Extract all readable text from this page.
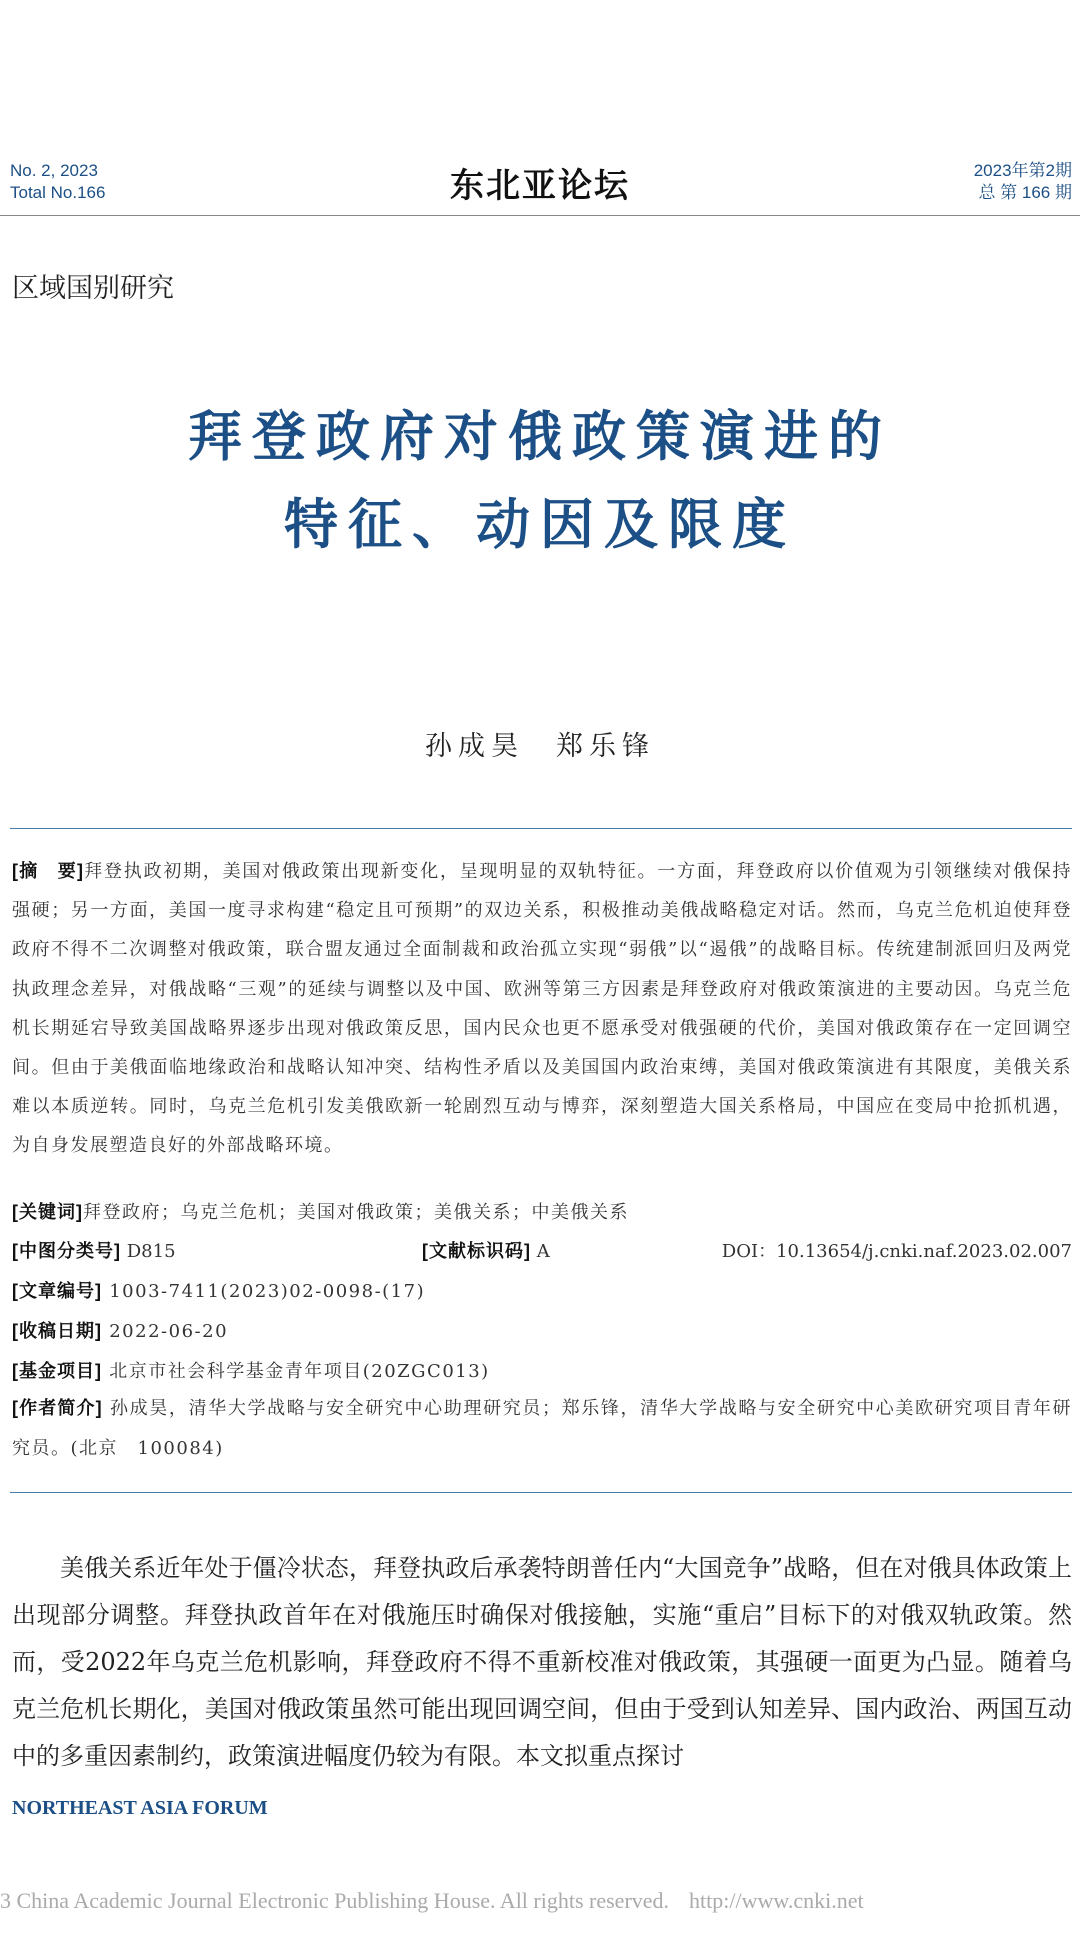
No. 2, 2023
Total No.166	东北亚论坛	2023年第2期
总 第 166 期
区域国别研究
拜登政府对俄政策演进的
特征、动因及限度
孙成昊 郑乐锋
[摘　要]拜登执政初期，美国对俄政策出现新变化，呈现明显的双轨特征。一方面，拜登政府以价值观为引领继续对俄保持强硬；另一方面，美国一度寻求构建“稳定且可预期”的双边关系，积极推动美俄战略稳定对话。然而，乌克兰危机迫使拜登政府不得不二次调整对俄政策，联合盟友通过全面制裁和政治孤立实现“弱俄”以“遏俄”的战略目标。传统建制派回归及两党执政理念差异，对俄战略“三观”的延续与调整以及中国、欧洲等第三方因素是拜登政府对俄政策演进的主要动因。乌克兰危机长期延宕导致美国战略界逐步出现对俄政策反思，国内民众也更不愿承受对俄强硬的代价，美国对俄政策存在一定回调空间。但由于美俄面临地缘政治和战略认知冲突、结构性矛盾以及美国国内政治束缚，美国对俄政策演进有其限度，美俄关系难以本质逆转。同时，乌克兰危机引发美俄欧新一轮剧烈互动与博弈，深刻塑造大国关系格局，中国应在变局中抢抓机遇，为自身发展塑造良好的外部战略环境。
[关键词]拜登政府；乌克兰危机；美国对俄政策；美俄关系；中美俄关系
[中图分类号] D815	[文献标识码] A	DOI：10.13654/j.cnki.naf.2023.02.007
[文章编号] 1003-7411(2023)02-0098-(17)
[收稿日期] 2022-06-20
[基金项目] 北京市社会科学基金青年项目(20ZGC013)
[作者简介] 孙成昊，清华大学战略与安全研究中心助理研究员；郑乐锋，清华大学战略与安全研究中心美欧研究项目青年研究员。(北京　100084)
美俄关系近年处于僵冷状态，拜登执政后承袭特朗普任内“大国竞争”战略，但在对俄具体政策上出现部分调整。拜登执政首年在对俄施压时确保对俄接触，实施“重启”目标下的对俄双轨政策。然而，受2022年乌克兰危机影响，拜登政府不得不重新校准对俄政策，其强硬一面更为凸显。随着乌克兰危机长期化，美国对俄政策虽然可能出现回调空间，但由于受到认知差异、国内政治、两国互动中的多重因素制约，政策演进幅度仍较为有限。本文拟重点探讨
NORTHEAST ASIA FORUM
3 China Academic Journal Electronic Publishing House. All rights reserved. http://www.cnki.net
